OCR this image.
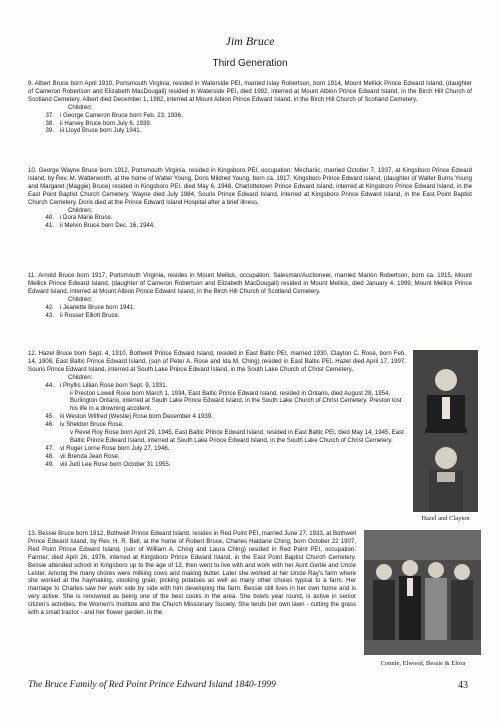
Jim Bruce
Third Generation

9. Albert Bruce born April 1910, Portsmouth Virginia, resided in Waterside PEI, married Islay Robertson, born 1914, Mount Mellick Prince Edward Island, (daughter of Cameron Robertson and Elizabeth MacDougall) resided in Waterside PEI, died 1992, interred at Mount Albion Prince Edward Island, in the Birch Hill Church of Scotland Cemetery. Albert died December 1, 1982, interred at Mount Albion Prince Edward Island, in the Birch Hill Church of Scotland Cemetery.

Children:
37. i George Cameron Bruce born Feb. 23, 1936.
38. ii Harvey Bruce born July 6, 1939.
39. iii Lloyd Bruce born July 1941.

10. George Wayne Bruce born 1912, Portsmouth Virginia, resided in Kingsboro PEI, occupation: Mechanic, married October 7, 1937, at Kingsboro Prince Edward Island, by Rev. M. Watterworth, at the home of Walter Young, Doris Mildred Young, born ca. 1917, Kingsboro Prince Edward Island, (daughter of Walter Burns Young and Margaret (Maggie) Bruce) resided in Kingsboro PEI, died May 6, 1948, Charlottetown Prince Edward Island, interred at Kingsboro Prince Edward Island, in the East Point Baptist Church Cemetery. Wayne died July 1984, Souris Prince Edward Island, interred at Kingsboro Prince Edward Island, in the East Point Baptist Church Cemetery. Doris died at the Prince Edward Island Hospital after a brief illness.

Children:
40. i Dora Marie Bruce.
41. ii Melvin Bruce born Dec. 16, 1944.

11. Arnold Bruce born 1917, Portsmouth Virginia, resides in Mount Mellick, occupation: Salesman/Auctioneer, married Marion Robertson, born ca. 1915, Mount Mellick Prince Edward Island, (daughter of Cameron Robertson and Elizabeth MacDougall) resided in Mount Mellick, died January 4, 1999, Mount Mellick Prince Edward Island, interred at Mount Albion Prince Edward Island, in the Birch Hill Church of Scotland Cemetery.

Children:
42. i Jeanette Bruce born 1941.
43. ii Rosser Elliott Bruce.

12. Hazel Bruce born Sept. 4, 1910, Bothwell Prince Edward Island, resided in East Baltic PEI, married 1930, Clayton C. Rose, born Feb. 14, 1908, East Baltic Prince Edward Island, (son of Peter A. Rose and Ida M. Ching) resided in East Baltic PEI. Hazel died April 17, 1997, Souris Prince Edward Island, interred at South Lake Prince Edward Island, in the South Lake Church of Christ Cemetery.

Children:
44. i Phyllis Lillian Rose born Sept. 9, 1931.
ii Preston Lowell Rose born March 1, 1934, East Baltic Prince Edward Island, resided in Ontario, died August 28, 1954, Burlington Ontario, interred at South Lake Prince Edward Island, in the South Lake Church of Christ Cemetery. Preston lost his life in a drowning accident.
45. iii Weston Wilfred (Westie) Rose born December 4 1939.
46. iv Sheldon Bruce Rose.
v Revel Roy Rose born April 29, 1945, East Baltic Prince Edward Island, resided in East Baltic PEI, died May 14, 1945, East Baltic Prince Edward Island, interred at South Lake Prince Edward Island, in the South Lake Church of Christ Cemetery.
47. vi Roger Lorne Rose born July 27, 1946.
48. vii Brenda Jean Rose.
49. viii Judi Lee Rose born October 31 1955.
Hazel and Clayton

13. Bessie Bruce born 1912, Bothwell Prince Edward Island, resides in Red Point PEI, married June 27, 1933, at Bothwell Prince Edward Island, by Rev. H. R. Bell, at the home of Robert Bruce, Charles Haldane Ching, born October 22 1907, Red Point Prince Edward Island, (son of William A. Ching and Laura Ching) resided in Red Point PEI, occupation: Farmer, died April 26, 1976, interred at Kingsboro Prince Edward Island, in the East Point Baptist Church Cemetery. Bessie attended school in Kingsboro up to the age of 12, then went to live with and work with her Aunt Gertie and Uncle Lester. Among the many chores were milking cows and making butter. Later she worked at her Uncle Ray's farm where she worked at the haymaking, stooking grain, picking potatoes as well as many other chores typical to a farm. Her marriage to Charles saw her work side by side with him developing the farm. Bessie still lives in her own home and is very active. She is renowned as being one of the best cooks in the area. She bowls year round, is active in senior citizen's activities, the Women's Institute and the Church Missionary Society. She tends her own lawn - cutting the grass with a small tractor - and her flower garden. In the

Connie, Elwood, Bessie & Elora
The Bruce Family of Red Point Prince Edward Island 1840-1999	43
